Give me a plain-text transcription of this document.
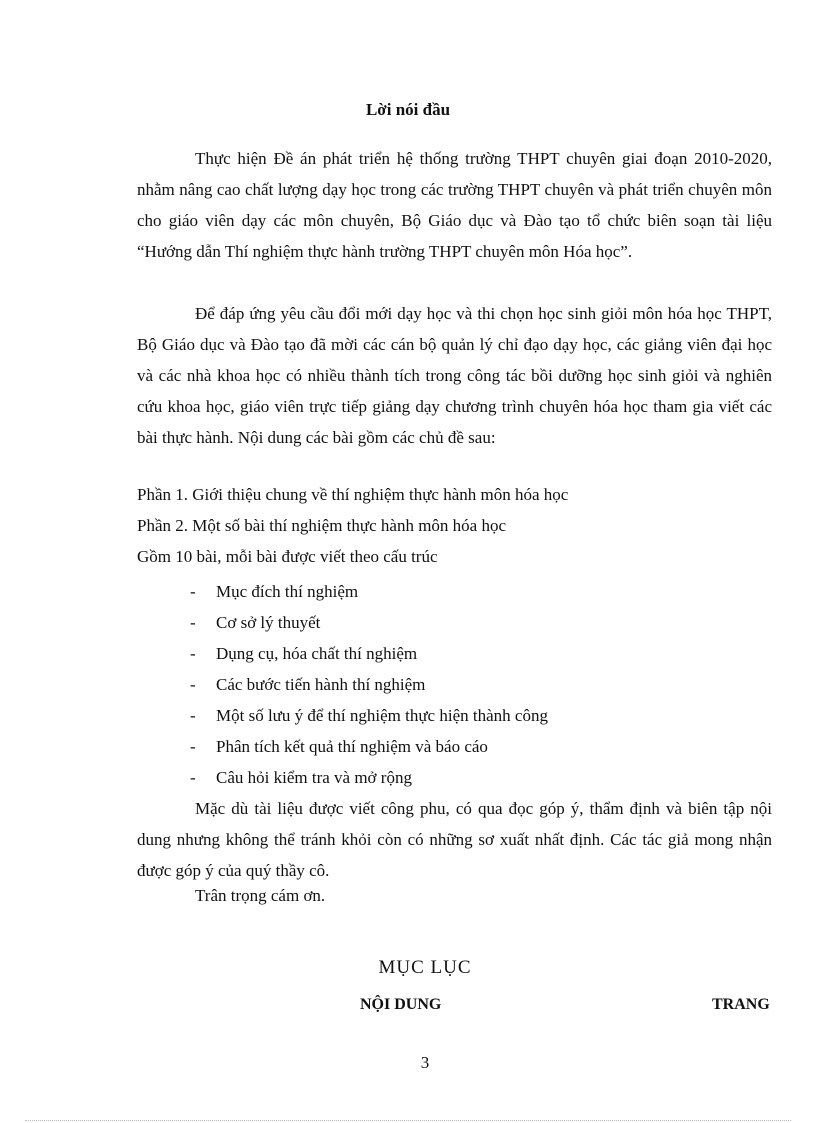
Lời nói đầu

Thực hiện Đề án phát triển hệ thống trường THPT chuyên giai đoạn 2010-2020, nhằm nâng cao chất lượng dạy học trong các trường THPT chuyên và phát triển chuyên môn cho giáo viên dạy các môn chuyên, Bộ Giáo dục và Đào tạo tổ chức biên soạn tài liệu “Hướng dẫn Thí nghiệm thực hành trường THPT chuyên môn Hóa học”.

Để đáp ứng yêu cầu đổi mới dạy học và thi chọn học sinh giỏi môn hóa học THPT, Bộ Giáo dục và Đào tạo đã mời các cán bộ quản lý chỉ đạo dạy học, các giảng viên đại học và các nhà khoa học có nhiều thành tích trong công tác bồi dưỡng học sinh giỏi và nghiên cứu khoa học, giáo viên trực tiếp giảng dạy chương trình chuyên hóa học tham gia viết các bài thực hành. Nội dung các bài gồm các chủ đề sau:

Phần 1. Giới thiệu chung về thí nghiệm thực hành môn hóa học
Phần 2. Một số bài thí nghiệm thực hành môn hóa học
Gồm 10 bài, mỗi bài được viết theo cấu trúc
- Mục đích thí nghiệm
- Cơ sở lý thuyết
- Dụng cụ, hóa chất thí nghiệm
- Các bước tiến hành thí nghiệm
- Một số lưu ý để thí nghiệm thực hiện thành công
- Phân tích kết quả thí nghiệm và báo cáo
- Câu hỏi kiểm tra và mở rộng

Mặc dù tài liệu được viết công phu, có qua đọc góp ý, thẩm định và biên tập nội dung nhưng không thể tránh khỏi còn có những sơ xuất nhất định. Các tác giả mong nhận được góp ý của quý thầy cô.

Trân trọng cám ơn.
MỤC LỤC
NỘI DUNG	TRANG
3
